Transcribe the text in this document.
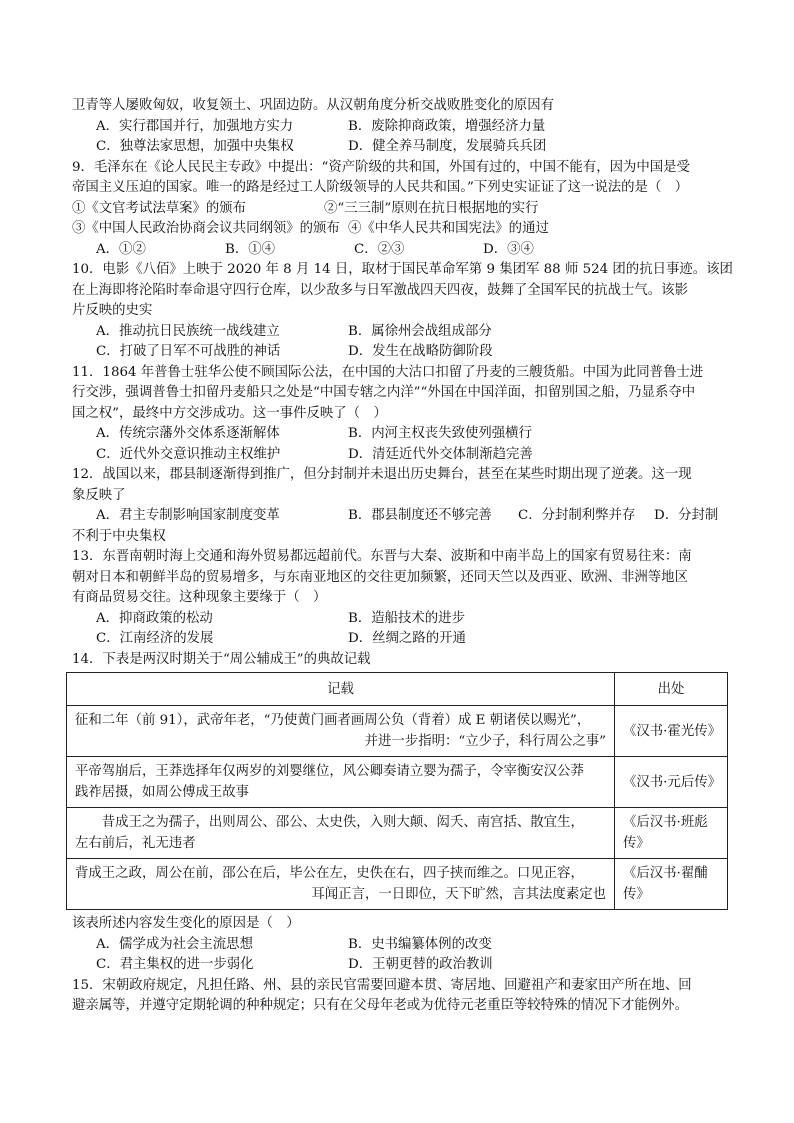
卫青等人屡败匈奴，收复领土、巩固边防。从汉朝角度分析交战败胜变化的原因有
A．实行郡国并行，加强地方实力	B．废除抑商政策，增强经济力量
C．独尊法家思想，加强中央集权	D．健全养马制度，发展骑兵兵团
9．毛泽东在《论人民民主专政》中提出：“资产阶级的共和国，外国有过的，中国不能有，因为中国是受
帝国主义压迫的国家。唯一的路是经过工人阶级领导的人民共和国。”下列史实证证了这一说法的是（　）
①《文官考试法草案》的颁布	②“三三制”原则在抗日根据地的实行
③《中国人民政治协商会议共同纲领》的颁布 ④《中华人民共和国宪法》的通过
A．①②	B．①④	C．②③	D．③④
10．电影《八佰》上映于 2020 年 8 月 14 日，取材于国民革命军第 9 集团军 88 师 524 团的抗日事迹。该团
在上海即将沦陷时奉命退守四行仓库，以少敌多与日军激战四天四夜，鼓舞了全国军民的抗战士气。该影
片反映的史实
A．推动抗日民族统一战线建立	B．属徐州会战组成部分
C．打破了日军不可战胜的神话	D．发生在战略防御阶段
11．1864 年普鲁士驻华公使不顾国际公法，在中国的大沽口扣留了丹麦的三艘货船。中国为此同普鲁士进
行交涉，强调普鲁士扣留丹麦船只之处是“中国专辖之内洋”“外国在中国洋面，扣留别国之船，乃显系夺中
国之权”，最终中方交涉成功。这一事件反映了（　）
A．传统宗藩外交体系逐渐解体	B．内河主权丧失致使列强横行
C．近代外交意识推动主权维护	D．清廷近代外交体制渐趋完善
12．战国以来，郡县制逐渐得到推广，但分封制并未退出历史舞台，甚至在某些时期出现了逆袭。这一现
象反映了
A．君主专制影响国家制度变革	B．郡县制度还不够完善	C．分封制利弊并存	D．分封制
不利于中央集权
13．东晋南朝时海上交通和海外贸易都远超前代。东晋与大秦、波斯和中南半岛上的国家有贸易往来：南
朝对日本和朝鲜半岛的贸易增多，与东南亚地区的交往更加频繁，还同天竺以及西亚、欧洲、非洲等地区
有商品贸易交往。这种现象主要缘于（　）
A．抑商政策的松动	B．造船技术的进步
C．江南经济的发展	D．丝绸之路的开通
14．下表是两汉时期关于“周公辅成王”的典故记载
记载	出处

征和二年（前 91），武帝年老，“乃使黄门画者画周公负（背着）成 E 朝诸侯以赐光”，
并进一步指明：“立少子，科行周公之事”	《汉书·霍光传》

平帝驾崩后，王莽选择年仅两岁的刘婴继位，风公卿奏请立婴为孺子，令宰衡安汉公莽
践祚居摄，如周公傅成王故事	《汉书·元后传》

昔成王之为孺子，出则周公、邵公、太史佚，入则大颠、闳夭、南宫括、散宜生，
左右前后，礼无违者	《后汉书·班彪传》

背成王之政，周公在前，邵公在后，毕公在左，史佚在右，四子挟而维之。口见正容，
耳闻正言，一日即位，天下旷然，言其法度素定也	《后汉书·翟酺传》
该表所述内容发生变化的原因是（　）
A．儒学成为社会主流思想	B．史书编纂体例的改变
C．君主集权的进一步弱化	D．王朝更替的政治教训
15．宋朝政府规定，凡担任路、州、县的亲民官需要回避本贯、寄居地、回避祖产和妻家田产所在地、回
避亲属等，并遵守定期轮调的种种规定；只有在父母年老或为优待元老重臣等较特殊的情况下才能例外。
